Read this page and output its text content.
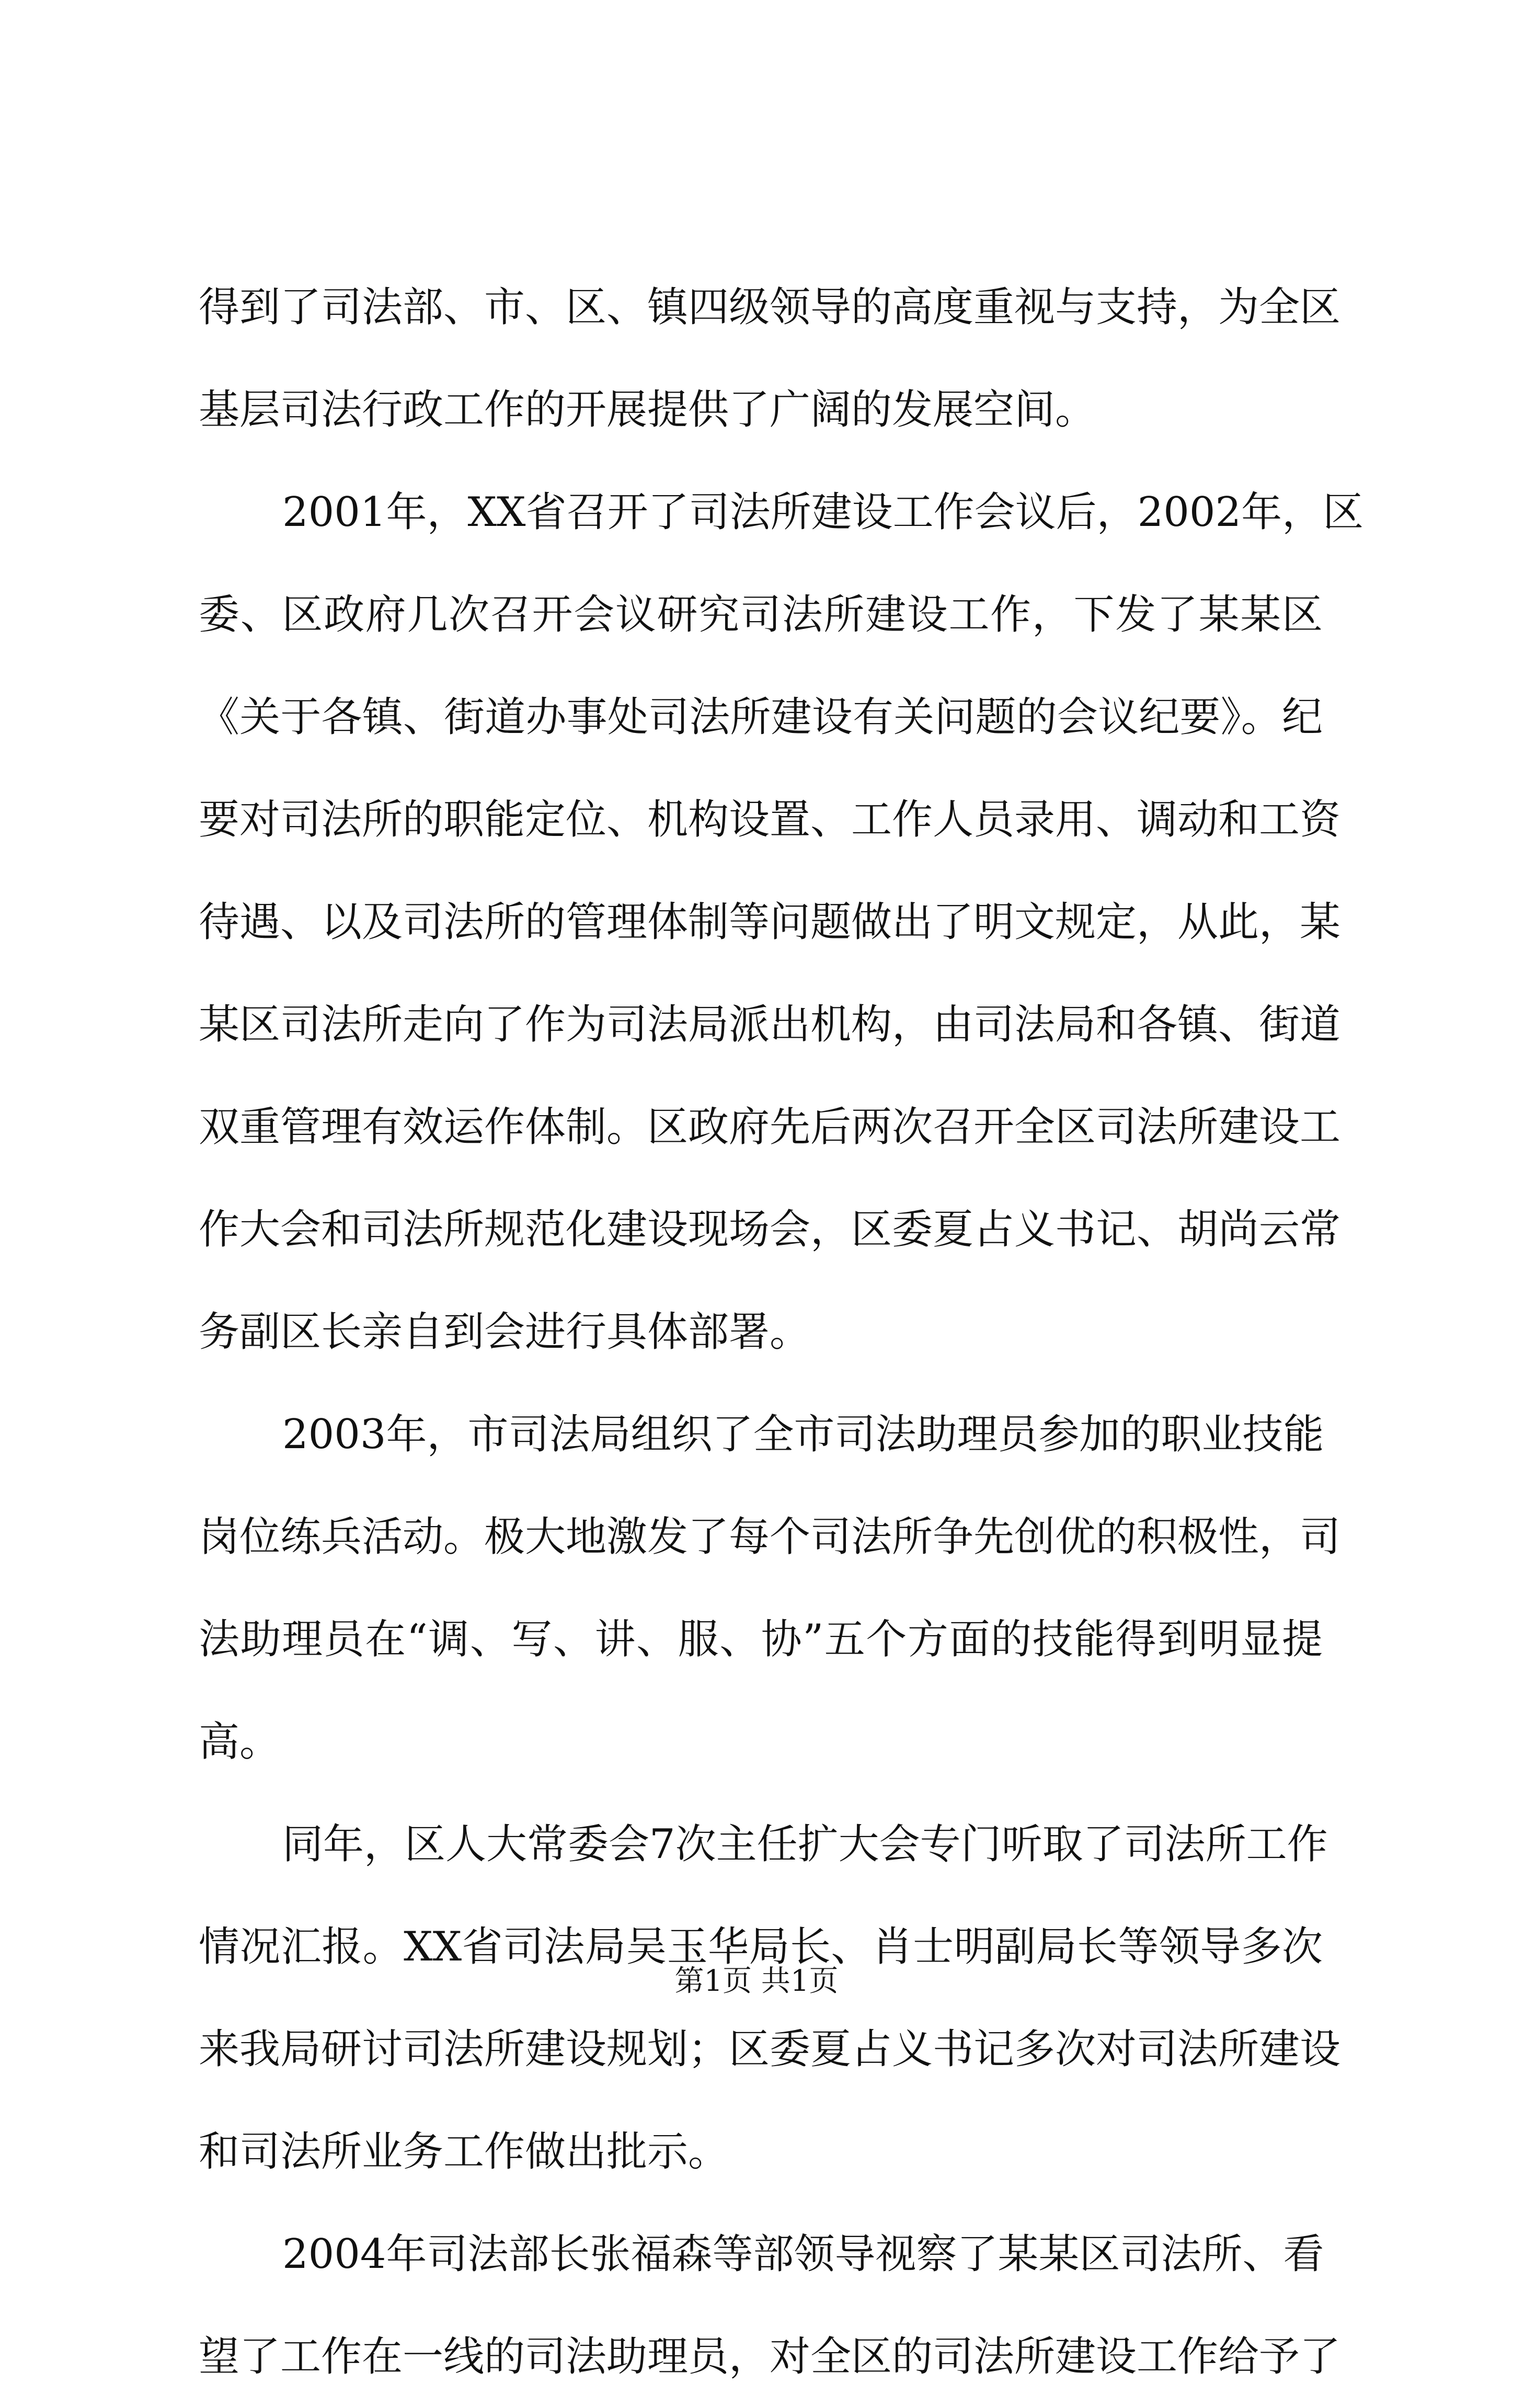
得到了司法部、市、区、镇四级领导的高度重视与支持，为全区
基层司法行政工作的开展提供了广阔的发展空间。
2001年，XX省召开了司法所建设工作会议后，2002年，区
委、区政府几次召开会议研究司法所建设工作，下发了某某区
《关于各镇、街道办事处司法所建设有关问题的会议纪要》。纪
要对司法所的职能定位、机构设置、工作人员录用、调动和工资
待遇、以及司法所的管理体制等问题做出了明文规定，从此，某
某区司法所走向了作为司法局派出机构，由司法局和各镇、街道
双重管理有效运作体制。区政府先后两次召开全区司法所建设工
作大会和司法所规范化建设现场会，区委夏占义书记、胡尚云常
务副区长亲自到会进行具体部署。
2003年，市司法局组织了全市司法助理员参加的职业技能
岗位练兵活动。极大地激发了每个司法所争先创优的积极性，司
法助理员在“调、写、讲、服、协”五个方面的技能得到明显提
高。
同年，区人大常委会7次主任扩大会专门听取了司法所工作
情况汇报。XX省司法局吴玉华局长、肖士明副局长等领导多次
来我局研讨司法所建设规划；区委夏占义书记多次对司法所建设
和司法所业务工作做出批示。
2004年司法部长张福森等部领导视察了某某区司法所、看
望了工作在一线的司法助理员，对全区的司法所建设工作给予了
第1页 共1页
